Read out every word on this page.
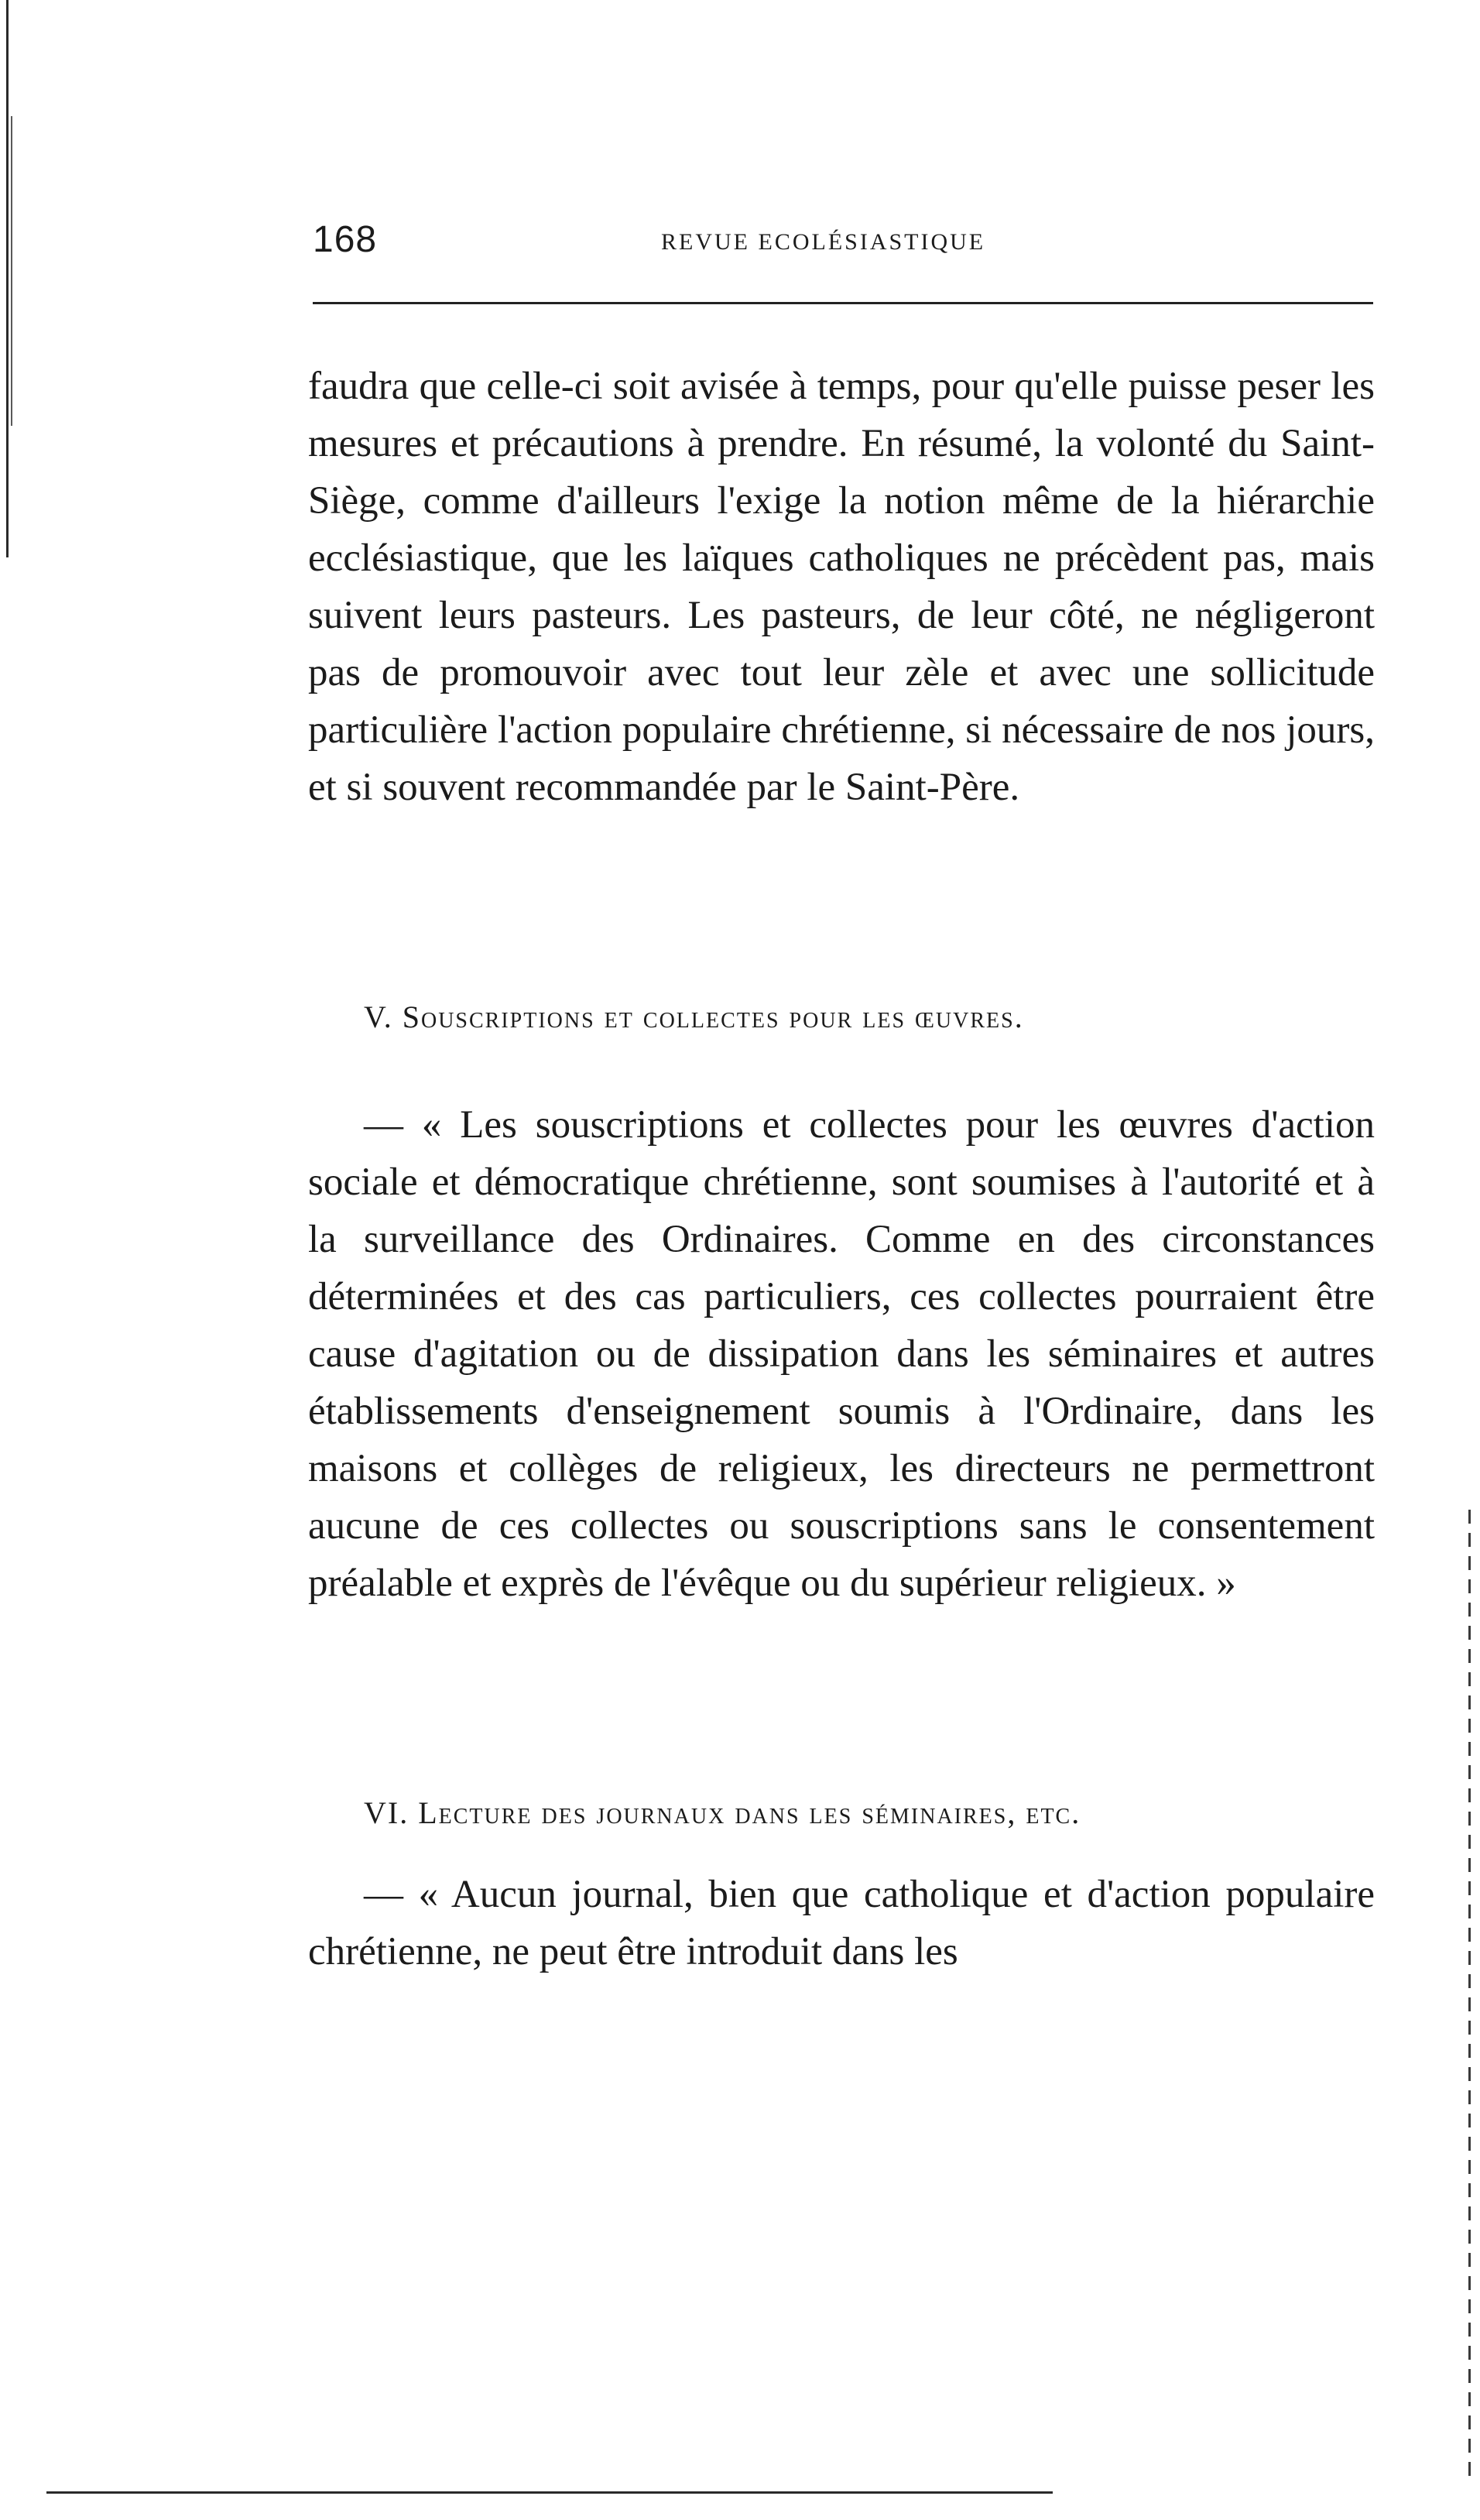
168	REVUE ECOLÉSIASTIQUE

faudra que celle-ci soit avisée à temps, pour qu'elle puisse peser les mesures et précautions à prendre. En résumé, la volonté du Saint-Siège, comme d'ailleurs l'exige la notion même de la hiérarchie ecclésiastique, que les laïques catholiques ne précèdent pas, mais suivent leurs pasteurs. Les pasteurs, de leur côté, ne négligeront pas de promouvoir avec tout leur zèle et avec une sollicitude particulière l'action populaire chrétienne, si nécessaire de nos jours, et si souvent recommandée par le Saint-Père.

V. Souscriptions et collectes pour les œuvres.

— « Les souscriptions et collectes pour les œuvres d'action sociale et démocratique chrétienne, sont soumises à l'autorité et à la surveillance des Ordinaires. Comme en des circonstances déterminées et des cas particuliers, ces collectes pourraient être cause d'agitation ou de dissipation dans les séminaires et autres établissements d'enseignement soumis à l'Ordinaire, dans les maisons et collèges de religieux, les directeurs ne permettront aucune de ces collectes ou souscriptions sans le consentement préalable et exprès de l'évêque ou du supérieur religieux. »

VI. Lecture des journaux dans les séminaires, etc.

— « Aucun journal, bien que catholique et d'action populaire chrétienne, ne peut être introduit dans les
